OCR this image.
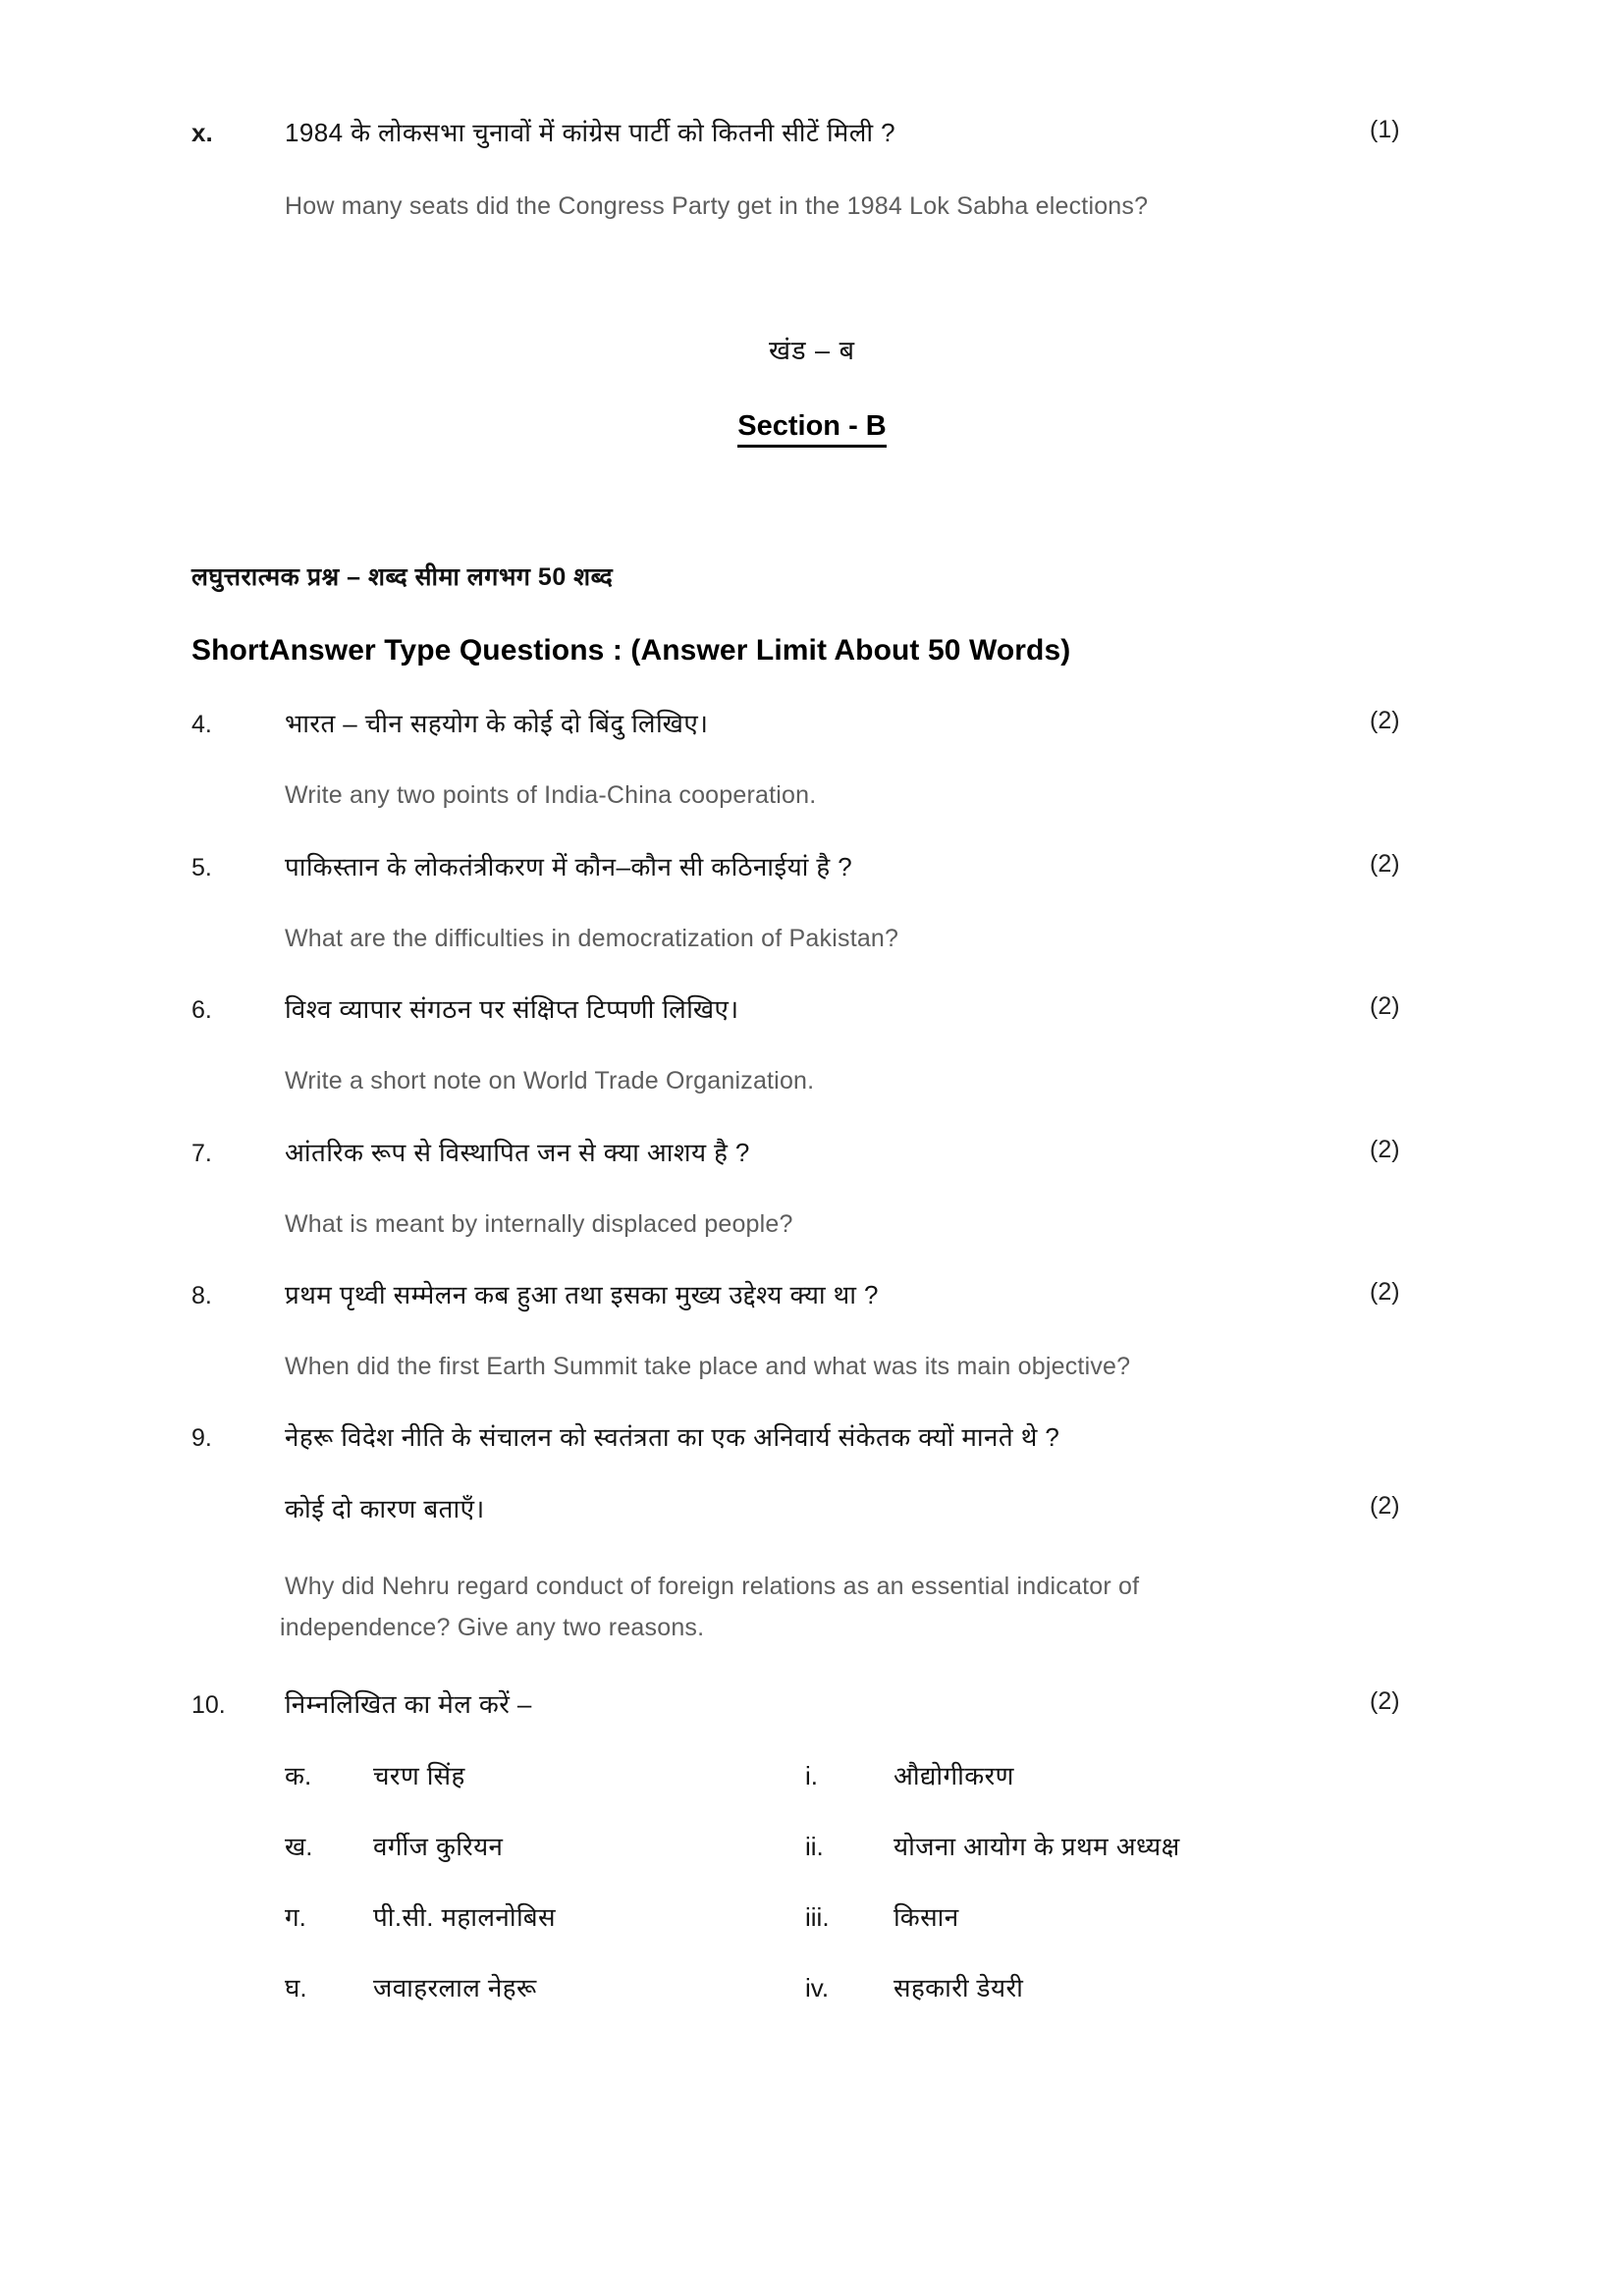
x.	1984 के लोकसभा चुनावों में कांग्रेस पार्टी को कितनी सीटें मिली ?	(1)
How many seats did the Congress Party get in the 1984 Lok Sabha elections?
खंड – ब
Section - B
लघुत्तरात्मक प्रश्न – शब्द सीमा लगभग 50 शब्द
ShortAnswer Type Questions : (Answer Limit About 50 Words)
4.	भारत – चीन सहयोग के कोई दो बिंदु लिखिए।	(2)
Write any two points of India-China cooperation.
5.	पाकिस्तान के लोकतंत्रीकरण में कौन–कौन सी कठिनाईयां है ?	(2)
What are the difficulties in democratization of Pakistan?
6.	विश्व व्यापार संगठन पर संक्षिप्त टिप्पणी लिखिए।	(2)
Write a short note on World Trade Organization.
7.	आंतरिक रूप से विस्थापित जन से क्या आशय है ?	(2)
What is meant by internally displaced people?
8.	प्रथम पृथ्वी सम्मेलन कब हुआ तथा इसका मुख्य उद्देश्य क्या था ?	(2)
When did the first Earth Summit take place and what was its main objective?
9.	नेहरू विदेश नीति के संचालन को स्वतंत्रता का एक अनिवार्य संकेतक क्यों मानते थे ?
कोई दो कारण बताएँ।	(2)
Why did Nehru regard conduct of foreign relations as an essential indicator of
independence? Give any two reasons.
10.	निम्नलिखित का मेल करें –	(2)
क.	चरण सिंह	i.	औद्योगीकरण
ख.	वर्गीज कुरियन	ii.	योजना आयोग के प्रथम अध्यक्ष
ग.	पी.सी. महालनोबिस	iii.	किसान
घ.	जवाहरलाल नेहरू	iv.	सहकारी डेयरी
